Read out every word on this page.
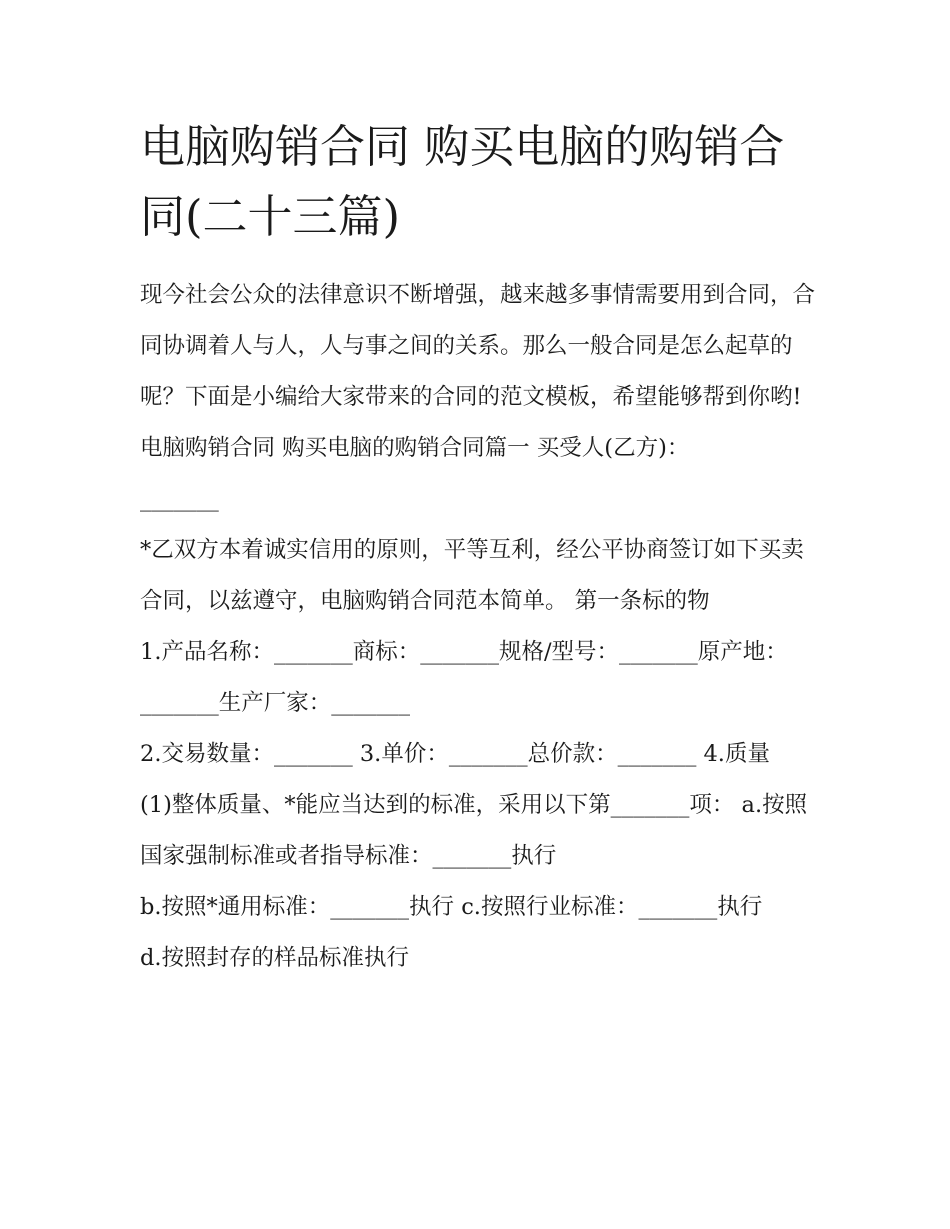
电脑购销合同 购买电脑的购销合同(二十三篇)

现今社会公众的法律意识不断增强，越来越多事情需要用到合同，合同协调着人与人，人与事之间的关系。那么一般合同是怎么起草的呢？下面是小编给大家带来的合同的范文模板，希望能够帮到你哟!

电脑购销合同 购买电脑的购销合同篇一 买受人(乙方)：

_______

*乙双方本着诚实信用的原则，平等互利，经公平协商签订如下买卖合同，以兹遵守，电脑购销合同范本简单。 第一条标的物

1.产品名称：_______商标：_______规格/型号：_______原产地：_______生产厂家：_______

2.交易数量：_______ 3.单价：_______总价款：_______ 4.质量

(1)整体质量、*能应当达到的标准，采用以下第_______项： a.按照国家强制标准或者指导标准：_______执行

b.按照*通用标准：_______执行 c.按照行业标准：_______执行

d.按照封存的样品标准执行
